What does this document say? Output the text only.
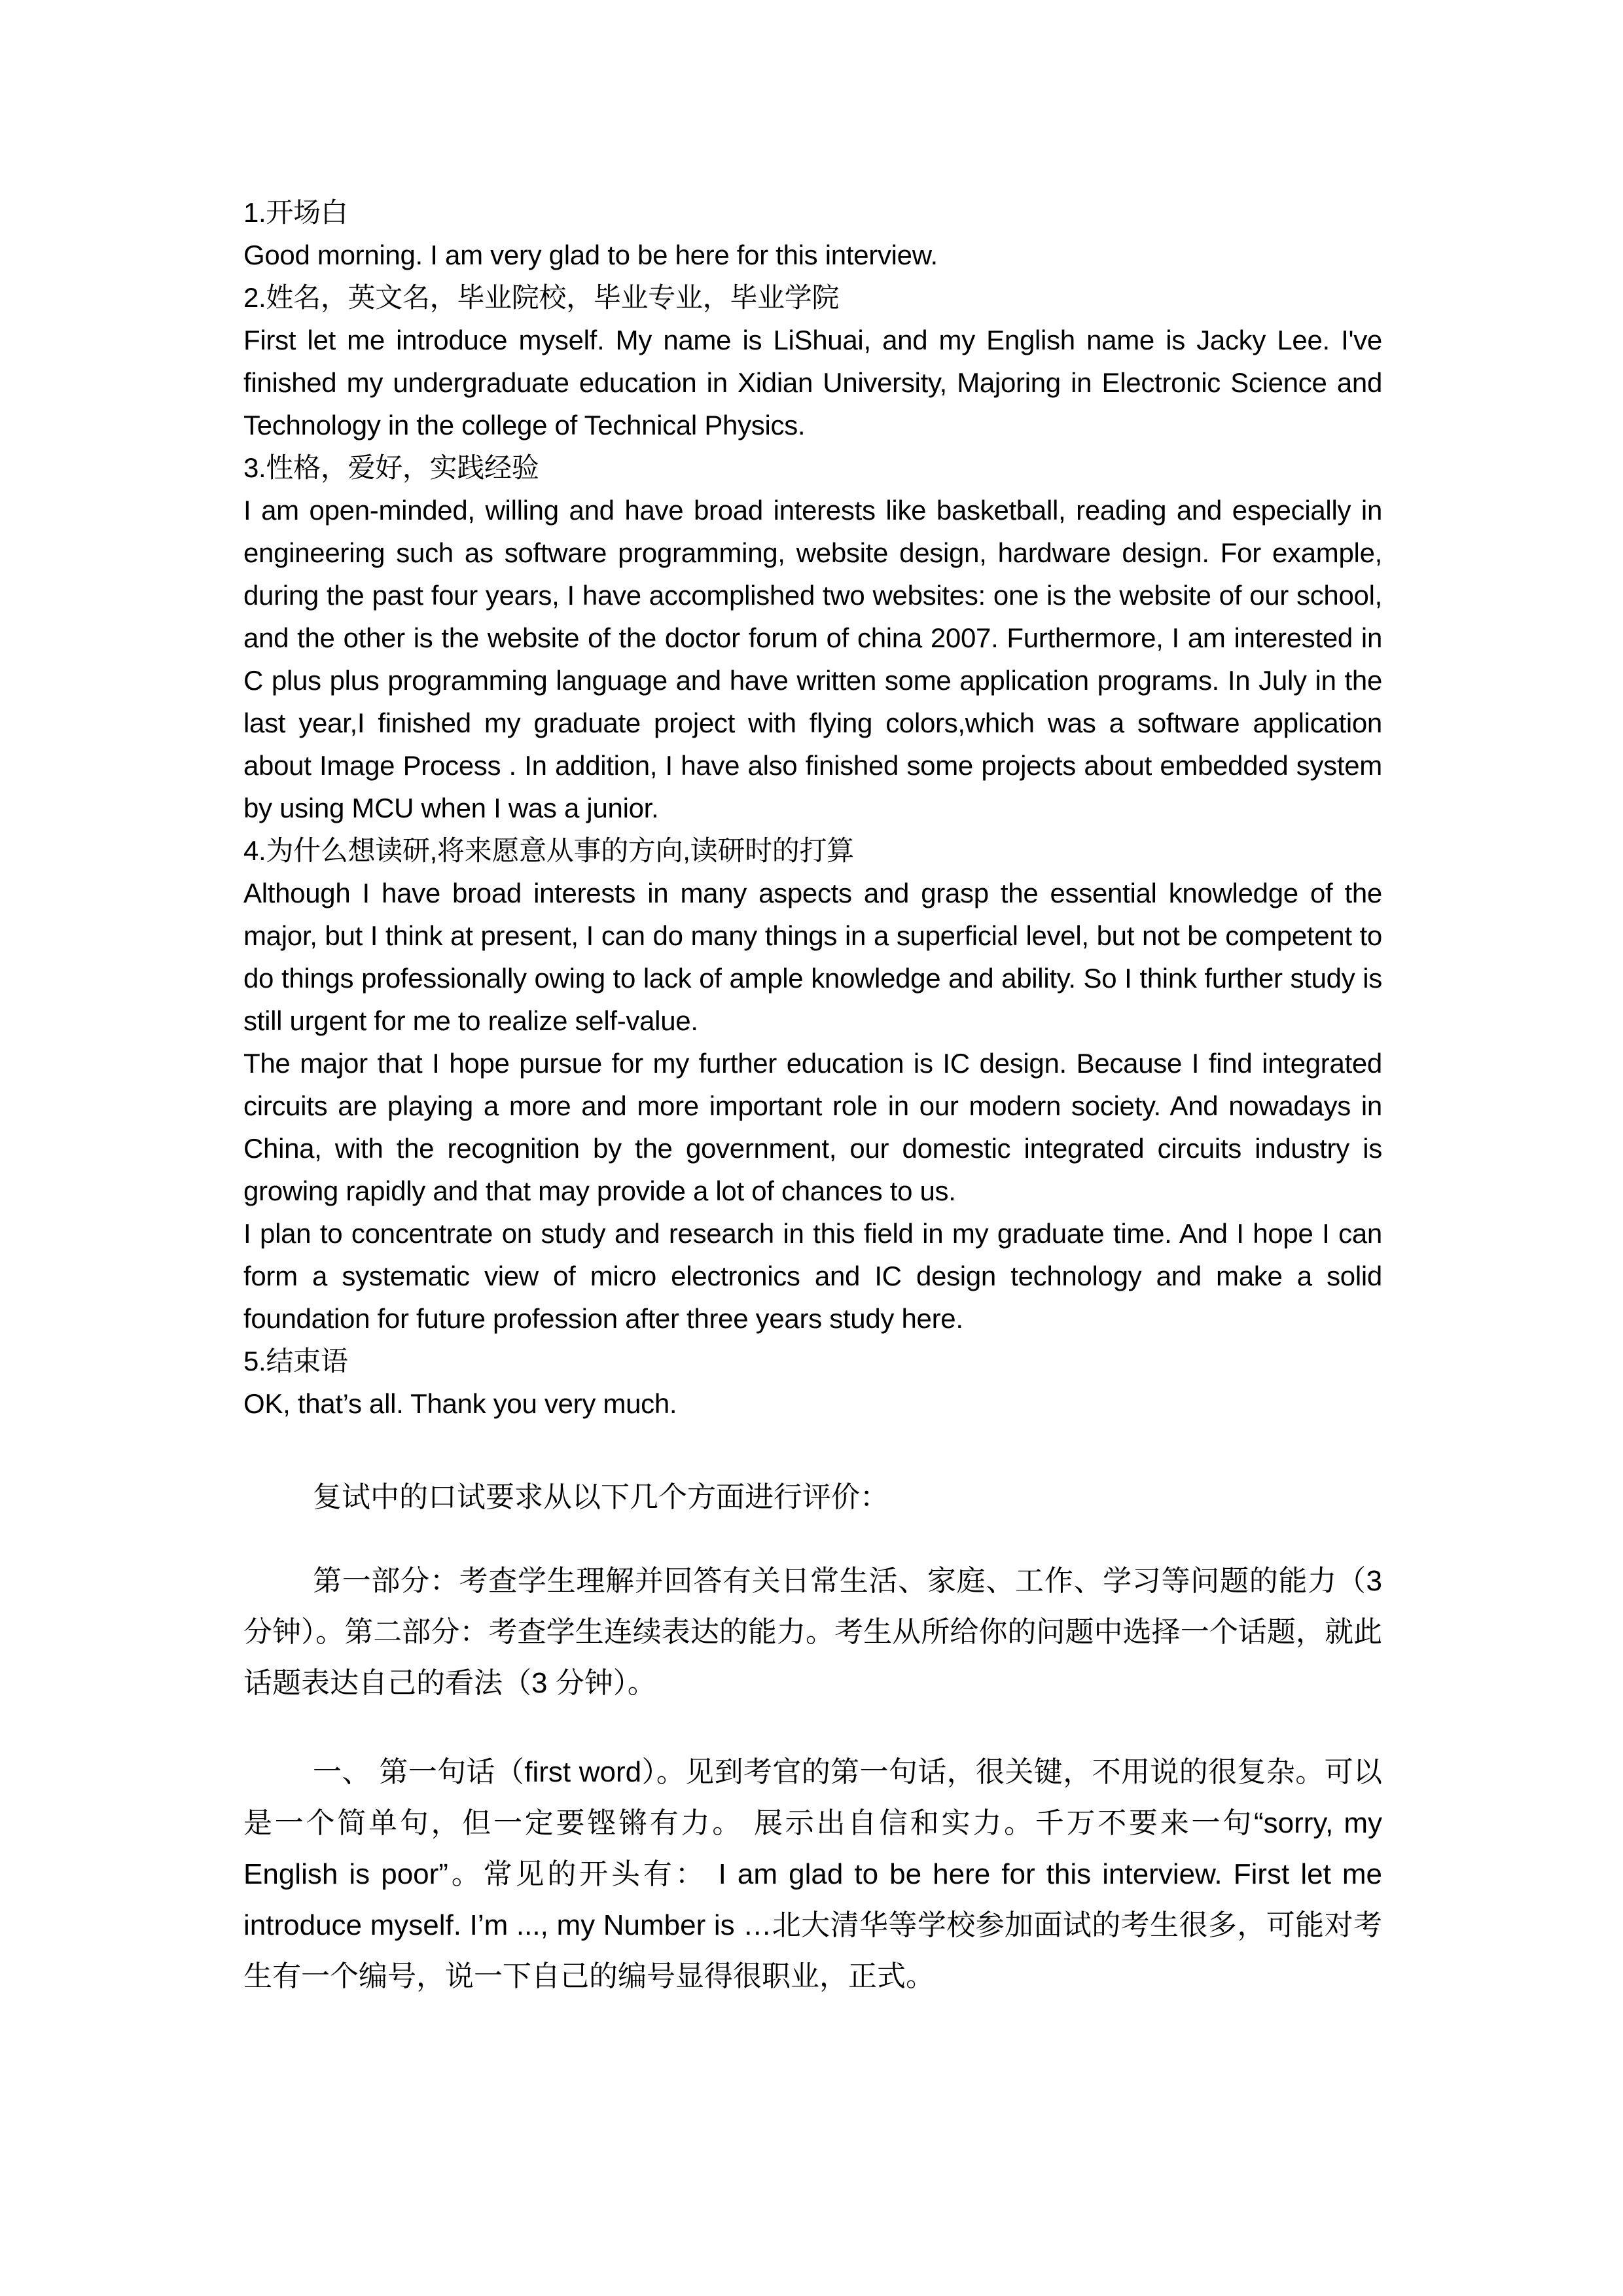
1.开场白

Good morning. I am very glad to be here for this interview.

2.姓名，英文名，毕业院校，毕业专业，毕业学院

First let me introduce myself. My name is LiShuai, and my English name is Jacky Lee. I've finished my undergraduate education in Xidian University, Majoring in Electronic Science and Technology in the college of Technical Physics.

3.性格，爱好，实践经验

I am open-minded, willing and have broad interests like basketball, reading and especially in engineering such as software programming, website design, hardware design. For example, during the past four years, I have accomplished two websites: one is the website of our school, and the other is the website of the doctor forum of china 2007. Furthermore, I am interested in C plus plus programming language and have written some application programs. In July in the last year,I finished my graduate project with flying colors,which was a software application about Image Process . In addition, I have also finished some projects about embedded system by using MCU when I was a junior.

4.为什么想读研,将来愿意从事的方向,读研时的打算

Although I have broad interests in many aspects and grasp the essential knowledge of the major, but I think at present, I can do many things in a superficial level, but not be competent to do things professionally owing to lack of ample knowledge and ability. So I think further study is still urgent for me to realize self-value.

The major that I hope pursue for my further education is IC design. Because I find integrated circuits are playing a more and more important role in our modern society. And nowadays in China, with the recognition by the government, our domestic integrated circuits industry is growing rapidly and that may provide a lot of chances to us.

I plan to concentrate on study and research in this field in my graduate time. And I hope I can form a systematic view of micro electronics and IC design technology and make a solid foundation for future profession after three years study here.

5.结束语

OK, that’s all. Thank you very much.

复试中的口试要求从以下几个方面进行评价：

第一部分：考查学生理解并回答有关日常生活、家庭、工作、学习等问题的能力（3 分钟）。第二部分：考查学生连续表达的能力。考生从所给你的问题中选择一个话题，就此话题表达自己的看法（3 分钟）。

一、 第一句话（first word）。见到考官的第一句话，很关键，不用说的很复杂。可以是一个简单句，但一定要铿锵有力。 展示出自信和实力。千万不要来一句“sorry, my English is poor”。常见的开头有： I am glad to be here for this interview. First let me introduce myself. I’m ..., my Number is …北大清华等学校参加面试的考生很多，可能对考生有一个编号，说一下自己的编号显得很职业，正式。
